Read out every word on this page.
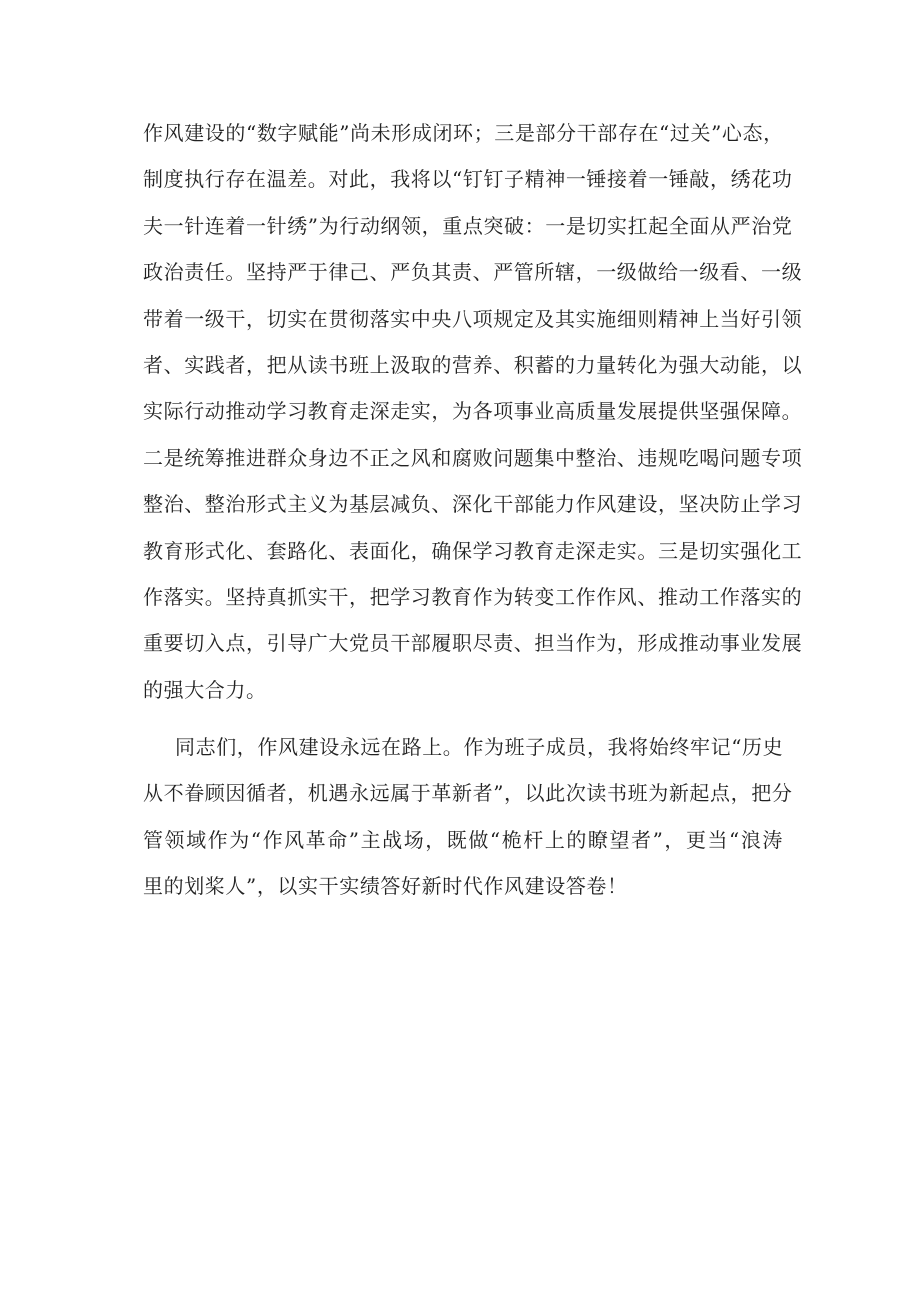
作风建设的“数字赋能”尚未形成闭环；三是部分干部存在“过关”心态，
制度执行存在温差。对此，我将以“钉钉子精神一锤接着一锤敲，绣花功
夫一针连着一针绣”为行动纲领，重点突破：一是切实扛起全面从严治党
政治责任。坚持严于律己、严负其责、严管所辖，一级做给一级看、一级
带着一级干，切实在贯彻落实中央八项规定及其实施细则精神上当好引领
者、实践者，把从读书班上汲取的营养、积蓄的力量转化为强大动能，以
实际行动推动学习教育走深走实，为各项事业高质量发展提供坚强保障。
二是统筹推进群众身边不正之风和腐败问题集中整治、违规吃喝问题专项
整治、整治形式主义为基层减负、深化干部能力作风建设，坚决防止学习
教育形式化、套路化、表面化，确保学习教育走深走实。三是切实强化工
作落实。坚持真抓实干，把学习教育作为转变工作作风、推动工作落实的
重要切入点，引导广大党员干部履职尽责、担当作为，形成推动事业发展
的强大合力。
同志们，作风建设永远在路上。作为班子成员，我将始终牢记“历史
从不眷顾因循者，机遇永远属于革新者”，以此次读书班为新起点，把分
管领域作为“作风革命”主战场，既做“桅杆上的瞭望者”，更当“浪涛
里的划桨人”，以实干实绩答好新时代作风建设答卷！
